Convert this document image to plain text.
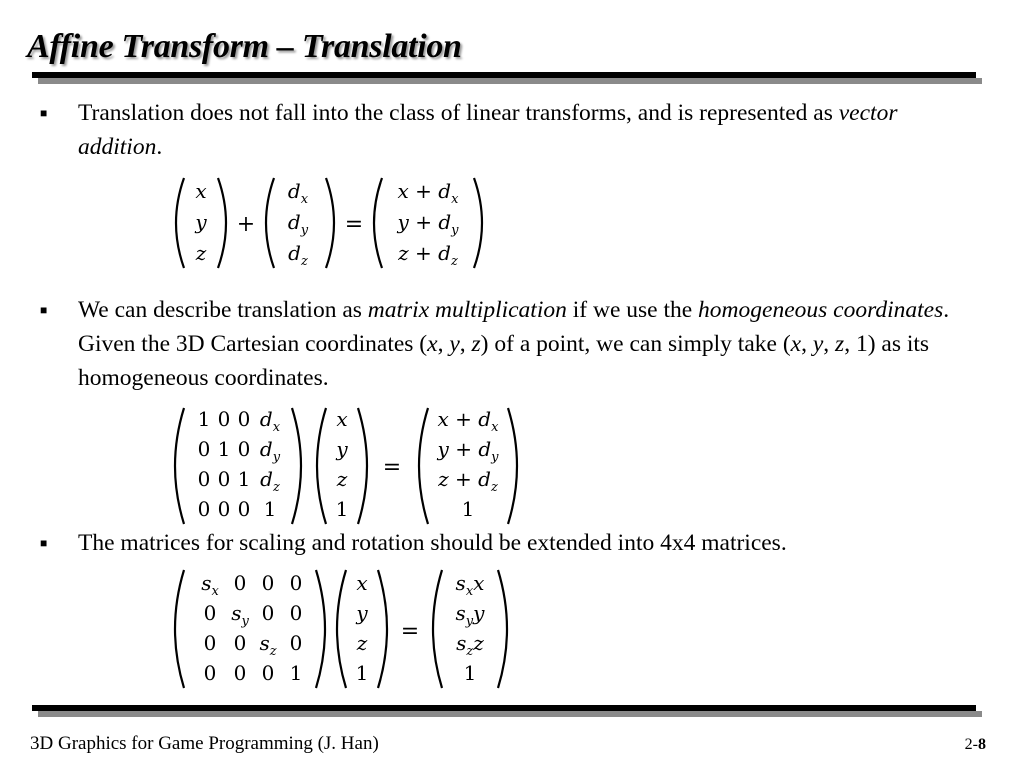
Affine Transform – Translation
■ Translation does not fall into the class of linear transforms, and is represented as vector addition.
x
y
z
+
$d_x$
$d_y$
$d_z$
=
$x + d_x$
$y + d_y$
$z + d_z$
■ We can describe translation as matrix multiplication if we use the homogeneous coordinates. Given the 3D Cartesian coordinates (x, y, z) of a point, we can simply take (x, y, z, 1) as its homogeneous coordinates.
1 0 0 $d_x$
0 1 0 $d_y$
0 0 1 $d_z$
0 0 0 1
x
y
z
1
=
$x + d_x$
$y + d_y$
$z + d_z$
1
■ The matrices for scaling and rotation should be extended into 4x4 matrices.
$s_x$ 0 0 0
0 $s_y$ 0 0
0 0 $s_z$ 0
0 0 0 1
x
y
z
1
=
$s_xx$
$s_yy$
$s_zz$
1
3D Graphics for Game Programming (J. Han)	2-8
